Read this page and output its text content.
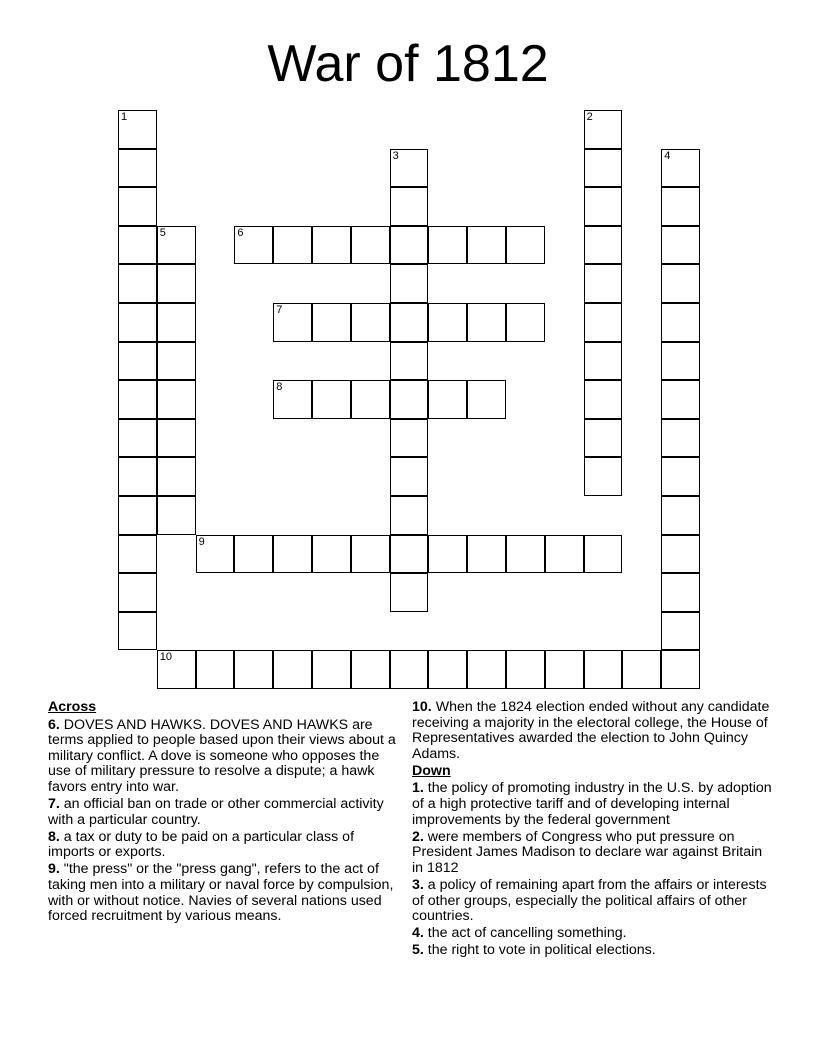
War of 1812
1	2
3	4
5	6
7
8
9
10
Across
6. DOVES AND HAWKS. DOVES AND HAWKS are terms applied to people based upon their views about a military conflict. A dove is someone who opposes the use of military pressure to resolve a dispute; a hawk favors entry into war.
7. an official ban on trade or other commercial activity with a particular country.
8. a tax or duty to be paid on a particular class of imports or exports.
9. "the press" or the "press gang", refers to the act of taking men into a military or naval force by compulsion, with or without notice. Navies of several nations used forced recruitment by various means.
10. When the 1824 election ended without any candidate receiving a majority in the electoral college, the House of Representatives awarded the election to John Quincy Adams.
Down
1. the policy of promoting industry in the U.S. by adoption of a high protective tariff and of developing internal improvements by the federal government
2. were members of Congress who put pressure on President James Madison to declare war against Britain in 1812
3. a policy of remaining apart from the affairs or interests of other groups, especially the political affairs of other countries.
4. the act of cancelling something.
5. the right to vote in political elections.
